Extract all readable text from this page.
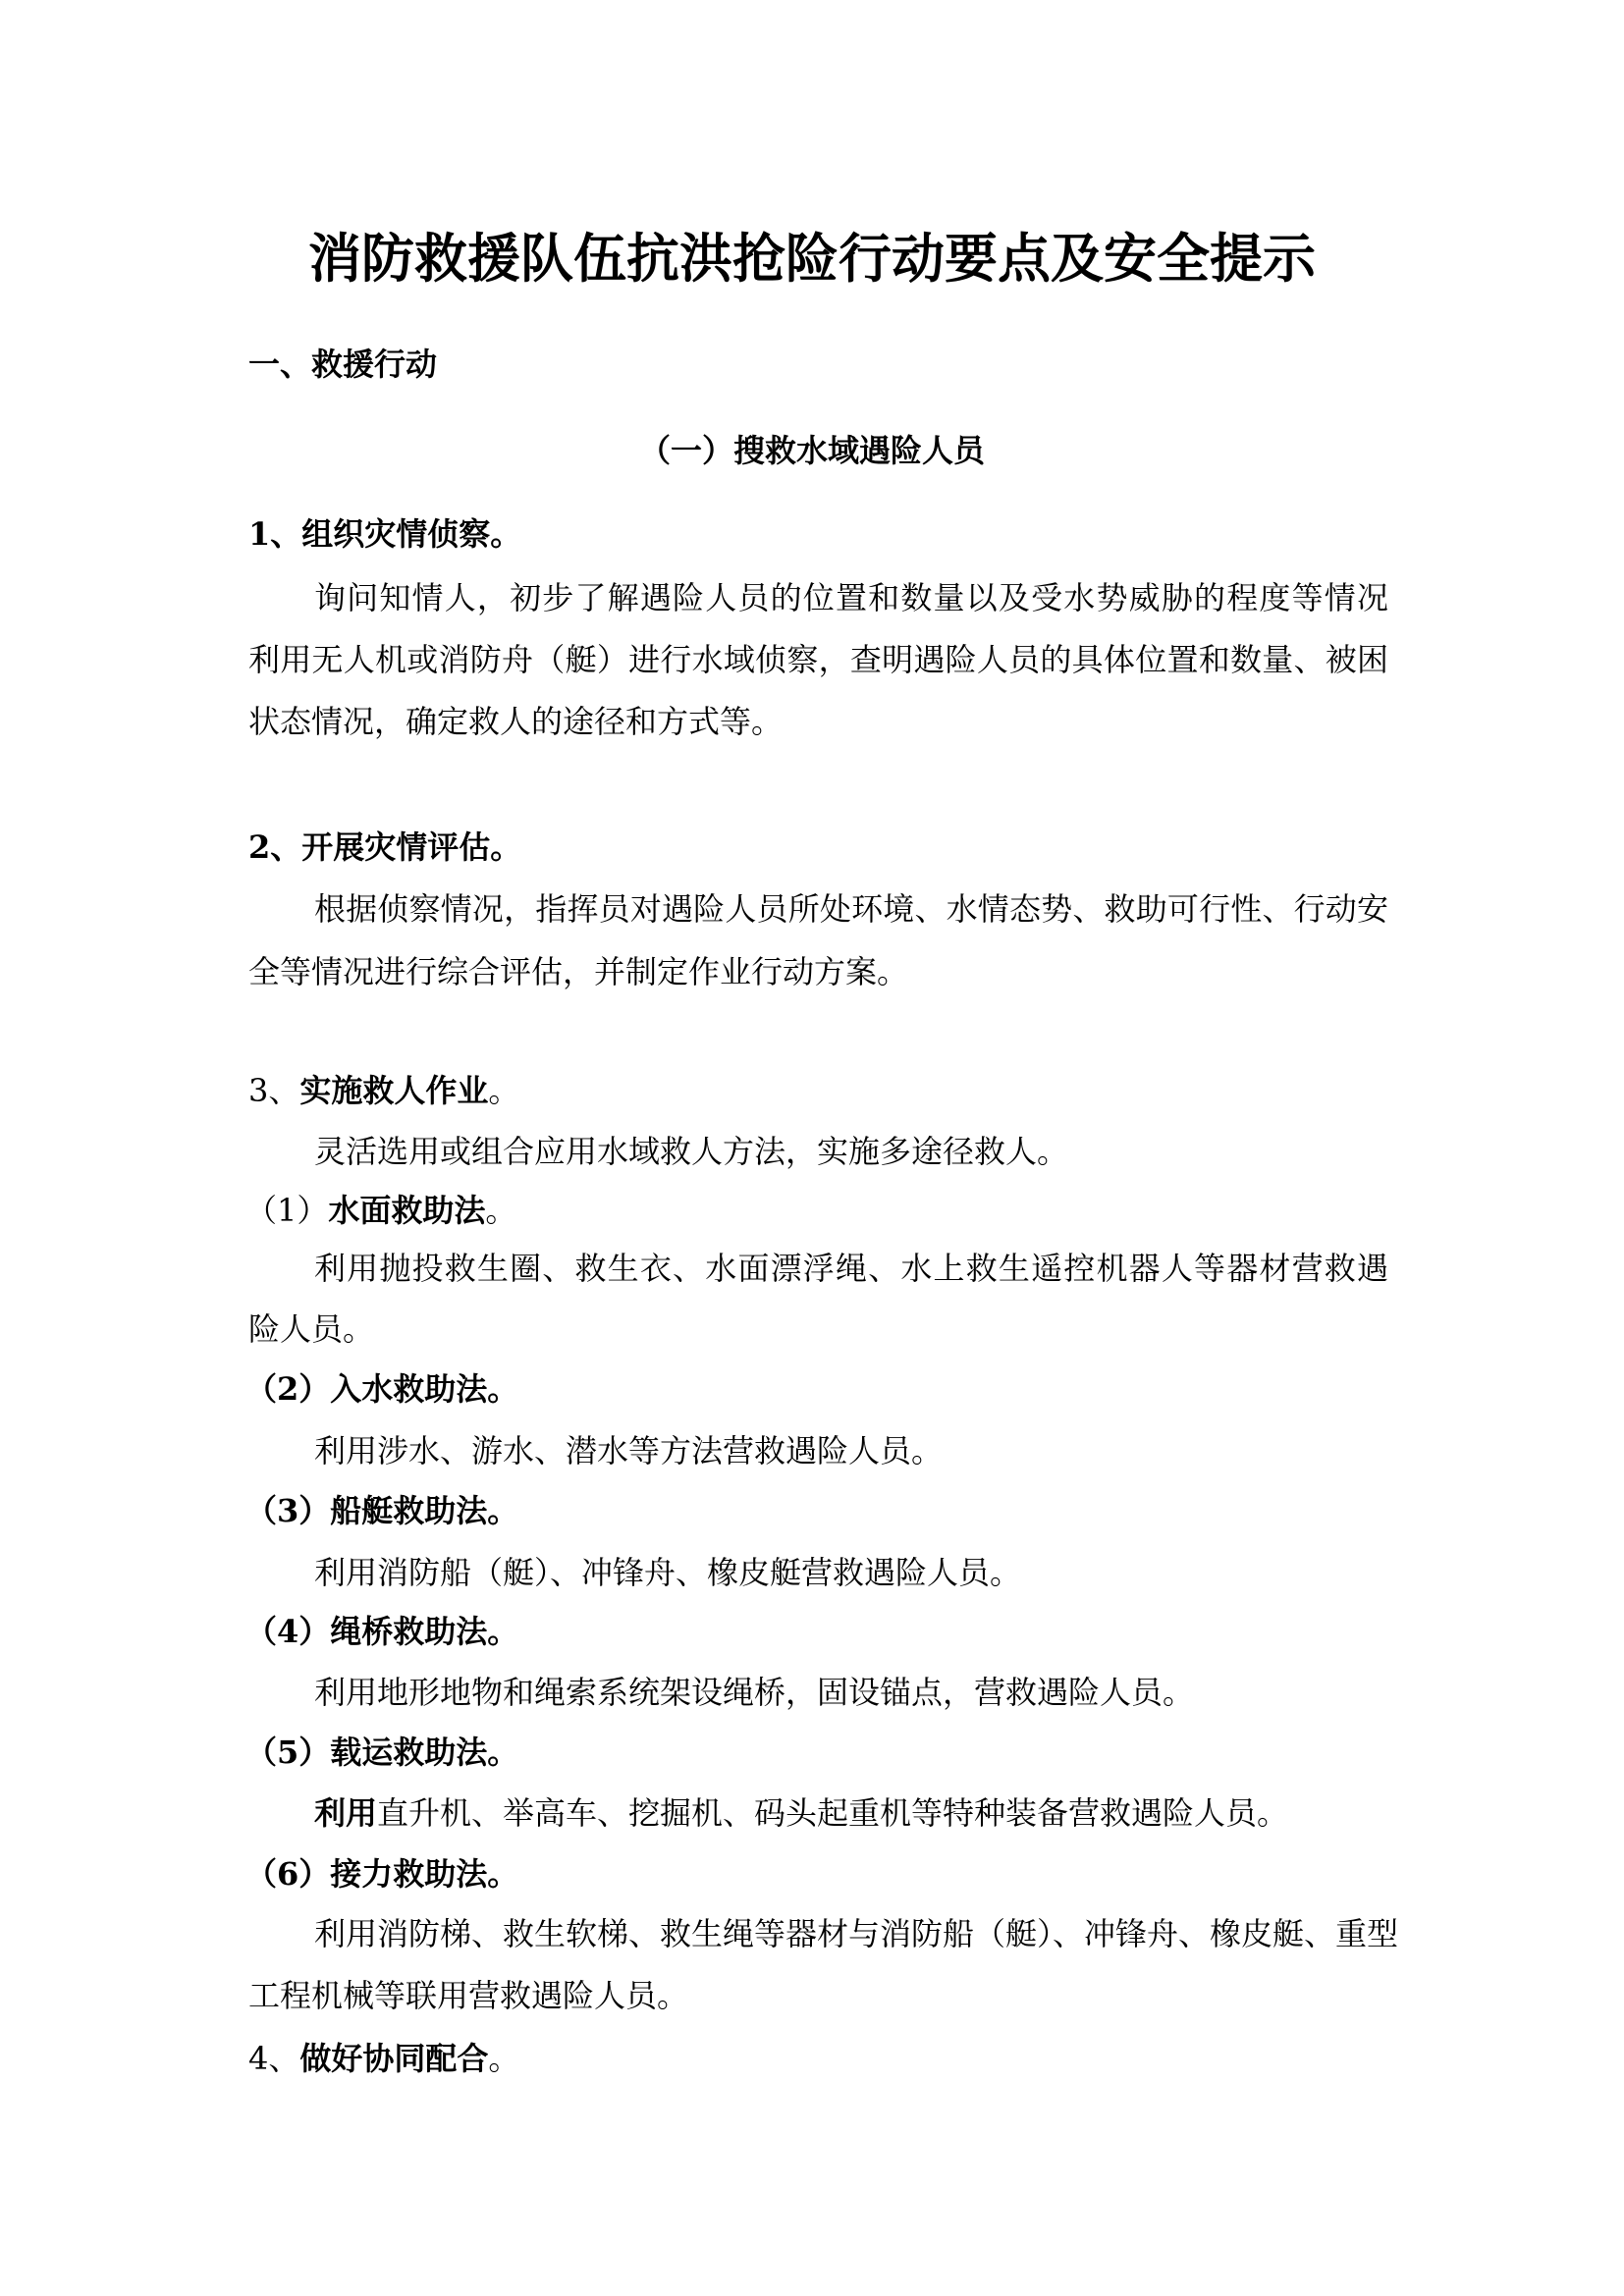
消防救援队伍抗洪抢险行动要点及安全提示
一、救援行动
（一）搜救水域遇险人员
1、组织灾情侦察。
询问知情人，初步了解遇险人员的位置和数量以及受水势威胁的程度等情况
利用无人机或消防舟（艇）进行水域侦察，查明遇险人员的具体位置和数量、被困
状态情况，确定救人的途径和方式等。
2、开展灾情评估。
根据侦察情况，指挥员对遇险人员所处环境、水情态势、救助可行性、行动安
全等情况进行综合评估，并制定作业行动方案。
3、实施救人作业。
灵活选用或组合应用水域救人方法，实施多途径救人。
（1）水面救助法。
利用抛投救生圈、救生衣、水面漂浮绳、水上救生遥控机器人等器材营救遇
险人员。
（2）入水救助法。
利用涉水、游水、潜水等方法营救遇险人员。
（3）船艇救助法。
利用消防船（艇）、冲锋舟、橡皮艇营救遇险人员。
（4）绳桥救助法。
利用地形地物和绳索系统架设绳桥，固设锚点，营救遇险人员。
（5）载运救助法。
利用直升机、举高车、挖掘机、码头起重机等特种装备营救遇险人员。
（6）接力救助法。
利用消防梯、救生软梯、救生绳等器材与消防船（艇）、冲锋舟、橡皮艇、重型
工程机械等联用营救遇险人员。
4、做好协同配合。
